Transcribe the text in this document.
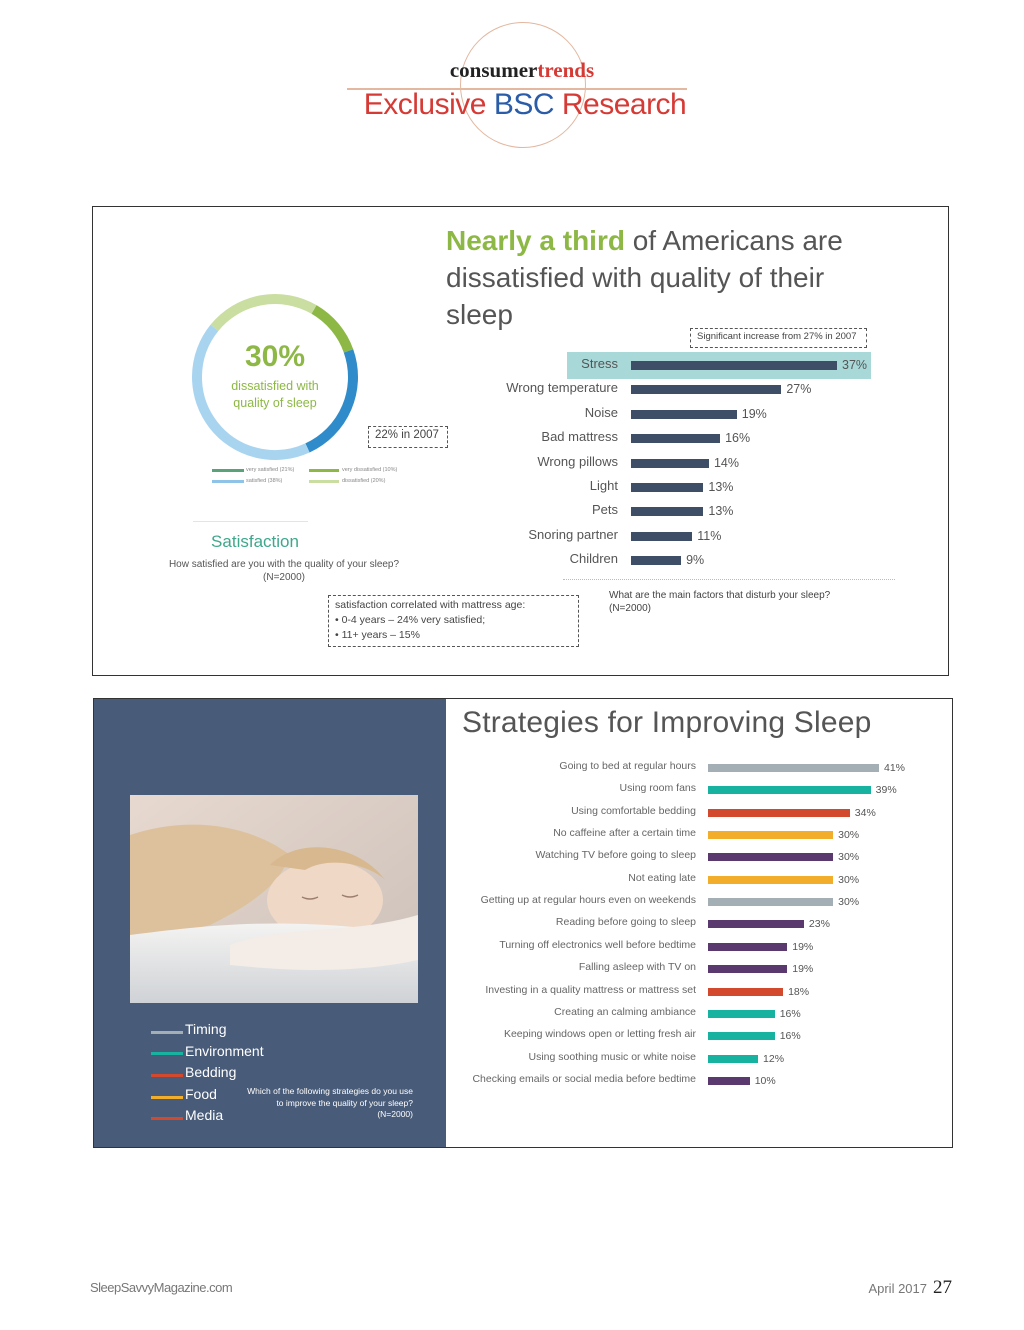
consumertrends
Exclusive BSC Research
Nearly a third of Americans are dissatisfied with quality of their sleep
30%
dissatisfied with quality of sleep
22% in 2007
very satisfied (21%)
satisfied (38%)
very dissatisfied (10%)
dissatisfied (20%)
Satisfaction
How satisfied are you with the quality of your sleep?
(N=2000)
satisfaction correlated with mattress age:
• 0-4 years – 24% very satisfied;
• 11+ years – 15%
Significant increase from 27% in 2007
Stress	37%
Wrong temperature	27%
Noise	19%
Bad mattress	16%
Wrong pillows	14%
Light	13%
Pets	13%
Snoring partner	11%
Children	9%
What are the main factors that disturb your sleep?
(N=2000)
Timing
Environment
Bedding
Food
Media
Which of the following strategies do you use to improve the quality of your sleep? (N=2000)
Strategies for Improving Sleep
Going to bed at regular hours	41%
Using room fans	39%
Using comfortable bedding	34%
No caffeine after a certain time	30%
Watching TV before going to sleep	30%
Not eating late	30%
Getting up at regular hours even on weekends	30%
Reading before going to sleep	23%
Turning off electronics well before bedtime	19%
Falling asleep with TV on	19%
Investing in a quality mattress or mattress set	18%
Creating an calming ambiance	16%
Keeping windows open or letting fresh air	16%
Using soothing music or white noise	12%
Checking emails or social media before bedtime	10%
SleepSavvyMagazine.com	April 2017 27
